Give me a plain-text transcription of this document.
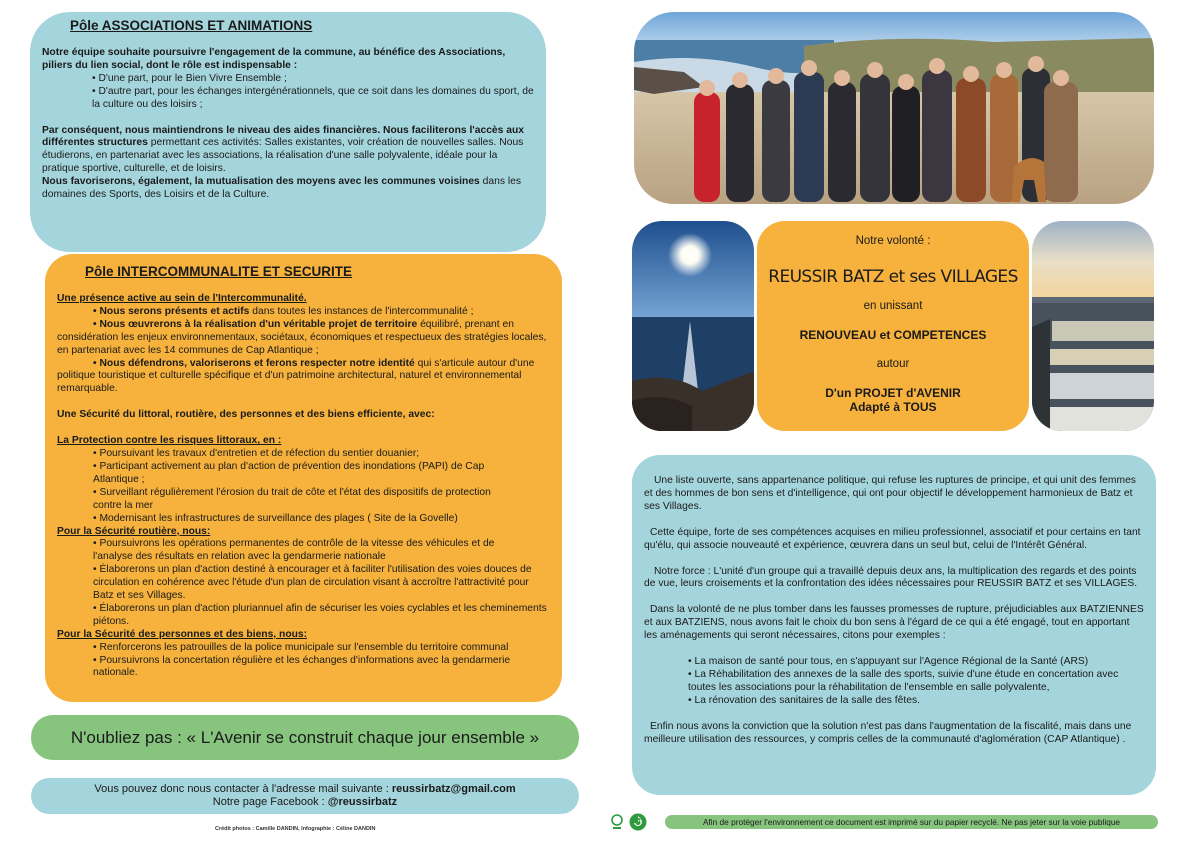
Pôle ASSOCIATIONS ET ANIMATIONS
Notre équipe souhaite poursuivre l'engagement de la commune, au bénéfice des Associations, piliers du lien social, dont le rôle est indispensable :
• D'une part, pour le Bien Vivre Ensemble ;
• D'autre part, pour les échanges intergénérationnels, que ce soit dans les domaines du sport, de la culture ou des loisirs ;
Par conséquent, nous maintiendrons le niveau des aides financières. Nous faciliterons l'accès aux différentes structures permettant ces activités: Salles existantes, voir création de nouvelles salles. Nous étudierons, en partenariat avec les associations, la réalisation d'une salle polyvalente, idéale pour la pratique sportive, culturelle, et de loisirs.
Nous favoriserons, également, la mutualisation des moyens avec les communes voisines dans les domaines des Sports, des Loisirs et de la Culture.
Pôle INTERCOMMUNALITE ET SECURITE
Une présence active au sein de l'Intercommunalité.
• Nous serons présents et actifs dans toutes les instances de l'intercommunalité ;
• Nous œuvrerons à la réalisation d'un véritable projet de territoire équilibré, prenant en considération les enjeux environnementaux, sociétaux, économiques et respectueux des stratégies locales, en partenariat avec les 14 communes de Cap Atlantique ;
• Nous défendrons, valoriserons et ferons respecter notre identité qui s'articule autour d'une politique touristique et culturelle spécifique et d'un patrimoine architectural, naturel et environnemental remarquable.
Une Sécurité du littoral, routière, des personnes et des biens efficiente, avec:
La Protection contre les risques littoraux, en :
• Poursuivant les travaux d'entretien et de réfection du sentier douanier;
• Participant activement au plan d'action de prévention des inondations (PAPI) de Cap Atlantique ;
• Surveillant régulièrement l'érosion du trait de côte et l'état des dispositifs de protection contre la mer
• Modernisant les infrastructures de surveillance des plages ( Site de la Govelle)
Pour la Sécurité routière, nous:
• Poursuivrons les opérations permanentes de contrôle de la vitesse des véhicules et de l'analyse des résultats en relation avec la gendarmerie nationale
• Élaborerons un plan d'action destiné à encourager et à faciliter l'utilisation des voies douces de circulation en cohérence avec l'étude d'un plan de circulation visant à accroître l'attractivité pour Batz et ses Villages.
• Élaborerons un plan d'action pluriannuel afin de sécuriser les voies cyclables et les cheminements piétons.
Pour la Sécurité des personnes et des biens, nous:
• Renforcerons les patrouilles de la police municipale sur l'ensemble du territoire communal
• Poursuivrons la concertation régulière et les échanges d'informations avec la gendarmerie nationale.
N'oubliez pas : « L'Avenir se construit chaque jour ensemble »
Vous pouvez donc nous contacter à l'adresse mail suivante : reussirbatz@gmail.com
Notre page Facebook : @reussirbatz
Crédit photos : Camille DANDIN, Infographie : Céline DANDIN
Notre volonté :
REUSSIR BATZ et ses VILLAGES
en unissant
RENOUVEAU et COMPETENCES
autour
D'un PROJET d'AVENIR
Adapté à TOUS
Une liste ouverte, sans appartenance politique, qui refuse les ruptures de principe, et qui unit des femmes et des hommes de bon sens et d'intelligence, qui ont pour objectif le développement harmonieux de Batz et ses Villages.
Cette équipe, forte de ses compétences acquises en milieu professionnel, associatif et pour certains en tant qu'élu, qui associe nouveauté et expérience, œuvrera dans un seul but, celui de l'Intérêt Général.
Notre force : L'unité d'un groupe qui a travaillé depuis deux ans, la multiplication des regards et des points de vue, leurs croisements et la confrontation des idées nécessaires pour REUSSIR BATZ et ses VILLAGES.
Dans la volonté de ne plus tomber dans les fausses promesses de rupture, préjudiciables aux BATZIENNES et aux BATZIENS, nous avons fait le choix du bon sens à l'égard de ce qui a été engagé, tout en apportant les aménagements qui seront nécessaires, citons pour exemples :
• La maison de santé pour tous, en s'appuyant sur l'Agence Régional de la Santé (ARS)
• La Réhabilitation des annexes de la salle des sports, suivie d'une étude en concertation avec toutes les associations pour la réhabilitation de l'ensemble en salle polyvalente,
• La rénovation des sanitaires de la salle des fêtes.
Enfin nous avons la conviction que la solution n'est pas dans l'augmentation de la fiscalité, mais dans une meilleure utilisation des ressources, y compris celles de la communauté d'aglomération (CAP Atlantique) .
Afin de protéger l'environnement ce document est imprimé sur du papier recyclé. Ne pas jeter sur la voie publique
